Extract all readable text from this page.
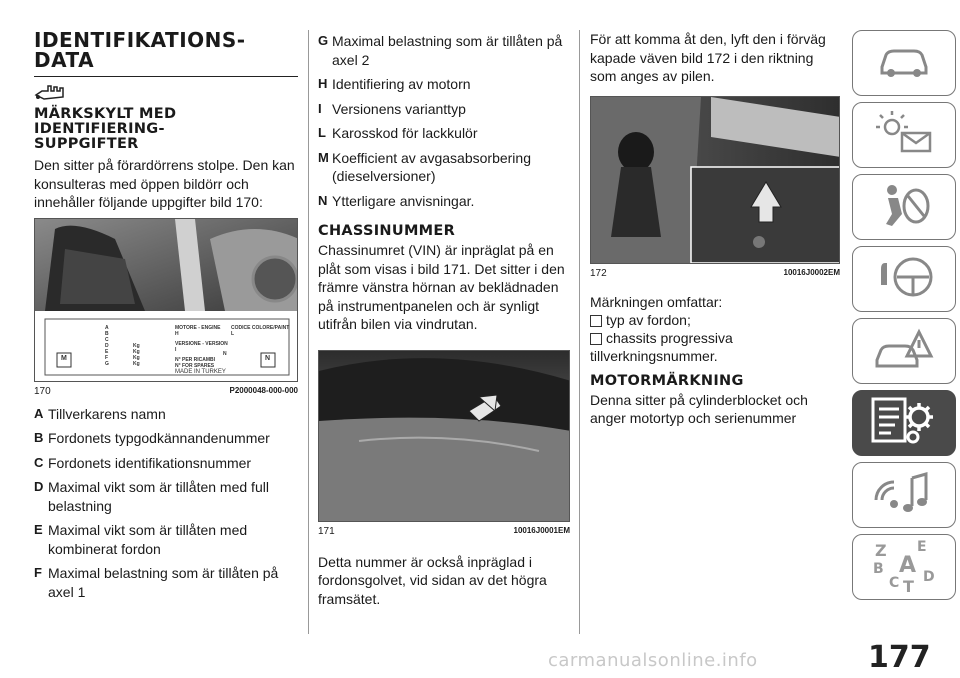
IDENTIFIKATIONS-
DATA
MÄRKSKYLT MED
IDENTIFIERING-
SUPPGIFTER

Den sitter på förardörrens stolpe. Den kan konsulteras med öppen bildörr och innehåller följande uppgifter bild 170:

A
B
C
D
E
F
G
Kg
Kg
Kg
Kg
MOTORE - ENGINE
H
VERSIONE - VERSION
I
N° PER RICAMBI
N° FOR SPARES
MADE IN TURKEY
CODICE COLORE/PAINT
L
N
M	N
170	P2000048-000-000
A Tillverkarens namn
B Fordonets typgodkännandenummer
C Fordonets identifikationsnummer
D Maximal vikt som är tillåten med full belastning
E Maximal vikt som är tillåten med kombinerat fordon
F Maximal belastning som är tillåten på axel 1
G Maximal belastning som är tillåten på axel 2
H Identifiering av motorn
I Versionens varianttyp
L Karosskod för lackkulör
M Koefficient av avgasabsorbering (dieselversioner)
N Ytterligare anvisningar.
CHASSINUMMER

Chassinumret (VIN) är inpräglat på en plåt som visas i bild 171. Det sitter i den främre vänstra hörnan av beklädnaden på instrumentpanelen och är synligt utifrån bilen via vindrutan.

171	10016J0001EM

Detta nummer är också inpräglad i fordonsgolvet, vid sidan av det högra framsätet.

För att komma åt den, lyft den i förväg kapade väven bild 172 i den riktning som anges av pilen.

172	10016J0002EM

Märkningen omfattar:

typ av fordon;
chassits progressiva

tillverkningsnummer.

MOTORMÄRKNING

Denna sitter på cylinderblocket och anger motortyp och serienummer

Z E
B A
C D
T
177
carmanualsonline.info
